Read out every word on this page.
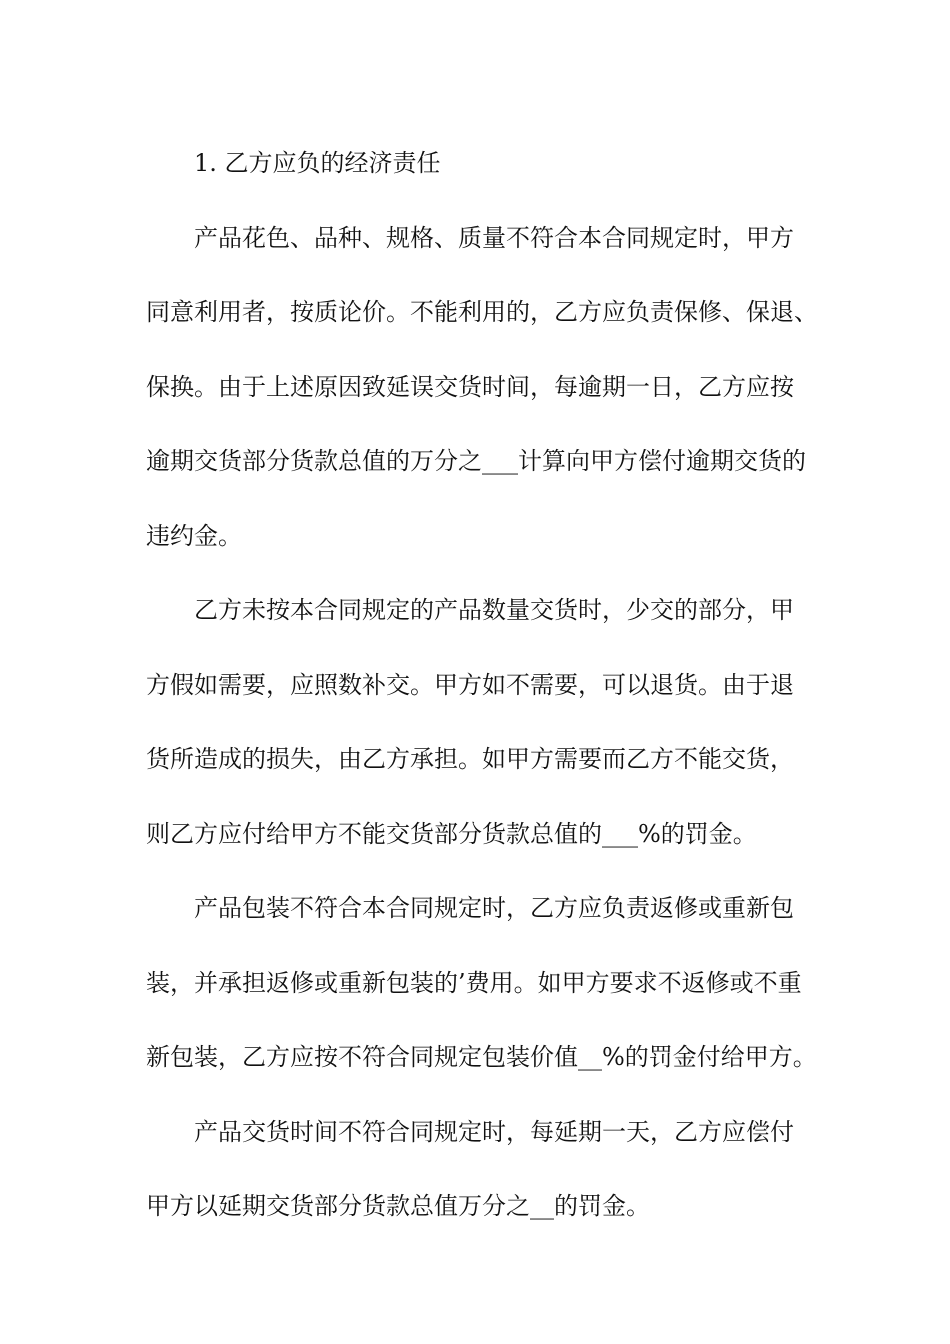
1. 乙方应负的经济责任

产品花色、品种、规格、质量不符合本合同规定时，甲方
同意利用者，按质论价。不能利用的，乙方应负责保修、保退、
保换。由于上述原因致延误交货时间，每逾期一日，乙方应按
逾期交货部分货款总值的万分之___计算向甲方偿付逾期交货的
违约金。
乙方未按本合同规定的产品数量交货时，少交的部分，甲
方假如需要，应照数补交。甲方如不需要，可以退货。由于退
货所造成的损失，由乙方承担。如甲方需要而乙方不能交货，
则乙方应付给甲方不能交货部分货款总值的___%的罚金。
产品包装不符合本合同规定时，乙方应负责返修或重新包
装，并承担返修或重新包装的’费用。如甲方要求不返修或不重
新包装，乙方应按不符合同规定包装价值__%的罚金付给甲方。
产品交货时间不符合同规定时，每延期一天，乙方应偿付
甲方以延期交货部分货款总值万分之__的罚金。
